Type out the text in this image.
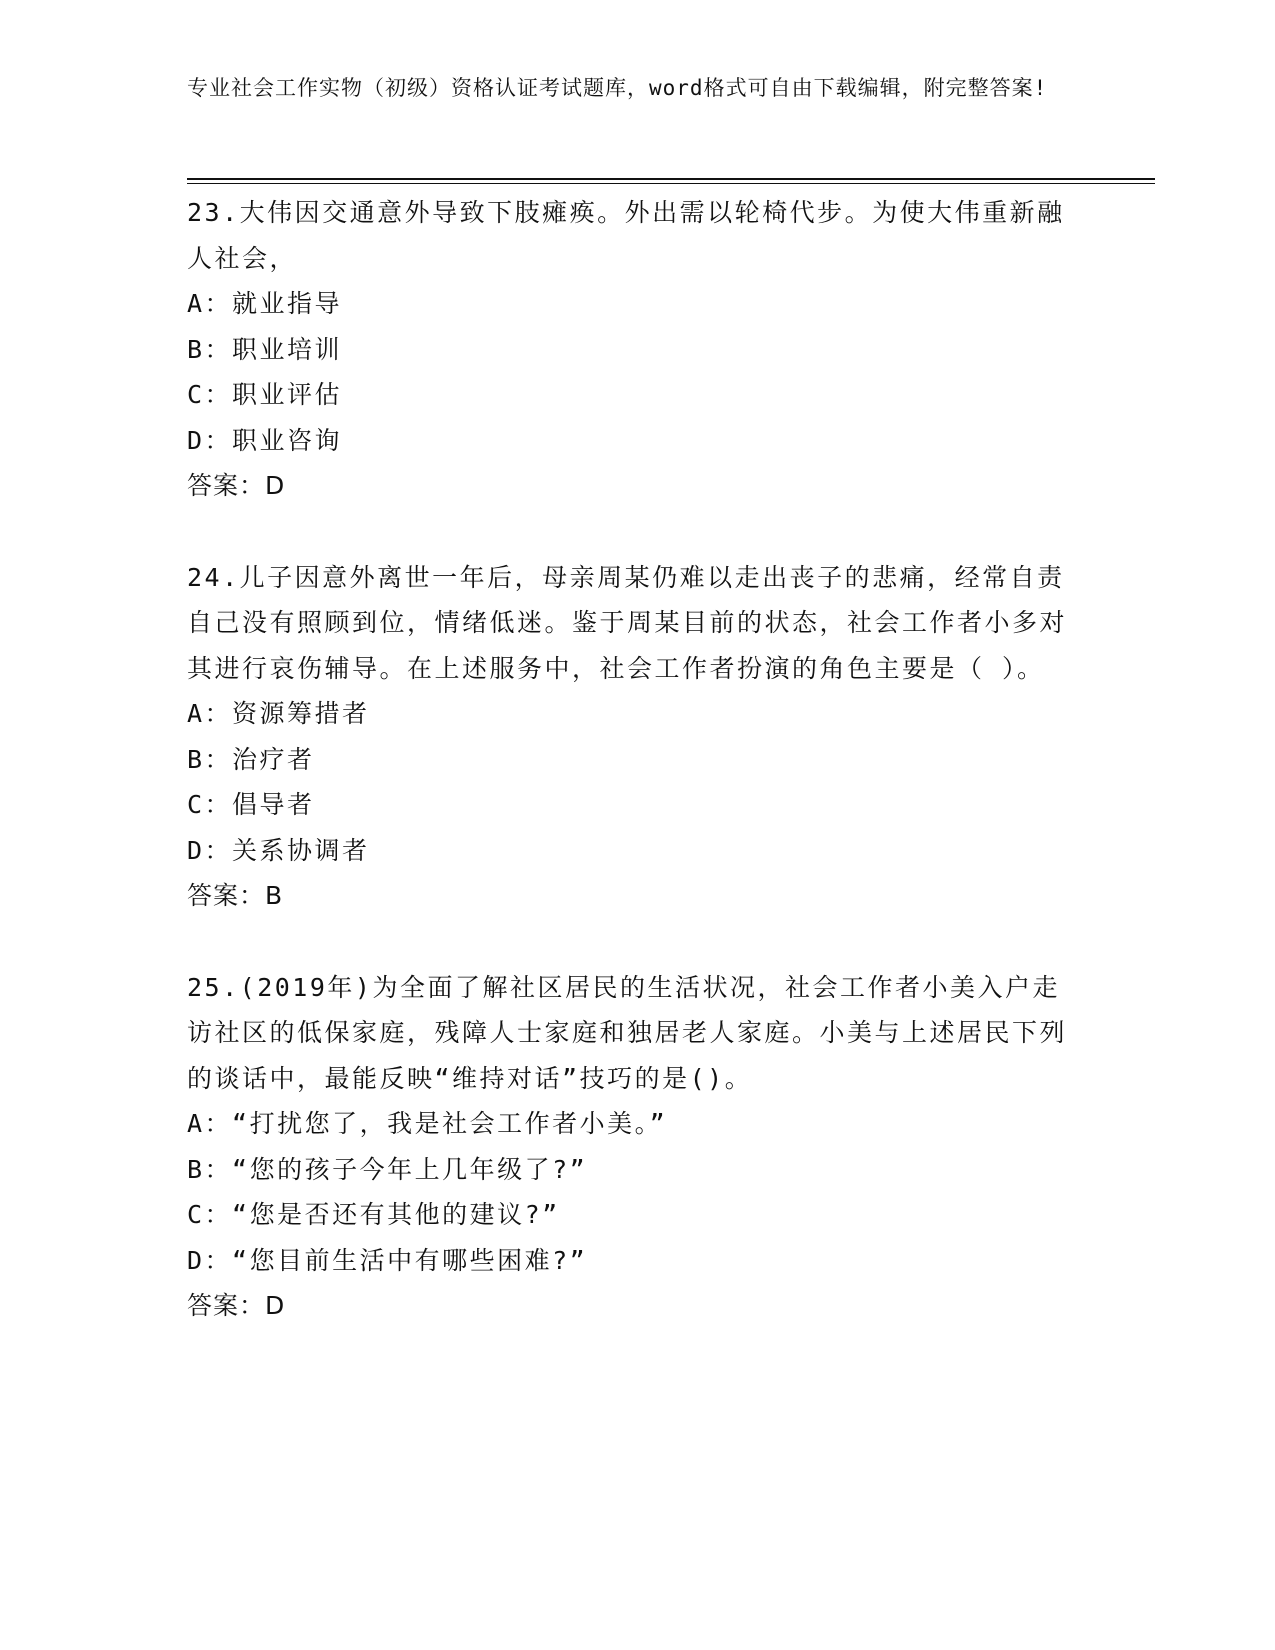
专业社会工作实物（初级）资格认证考试题库，word格式可自由下载编辑，附完整答案!
23.大伟因交通意外导致下肢瘫痪。外出需以轮椅代步。为使大伟重新融人社会，
A：就业指导
B：职业培训
C：职业评估
D：职业咨询
答案：D
24.儿子因意外离世一年后，母亲周某仍难以走出丧子的悲痛，经常自责自己没有照顾到位，情绪低迷。鉴于周某目前的状态，社会工作者小多对其进行哀伤辅导。在上述服务中，社会工作者扮演的角色主要是（ ）。
A：资源筹措者
B：治疗者
C：倡导者
D：关系协调者
答案：B
25.(2019年)为全面了解社区居民的生活状况，社会工作者小美入户走访社区的低保家庭，残障人士家庭和独居老人家庭。小美与上述居民下列的谈话中，最能反映“维持对话”技巧的是()。
A：“打扰您了，我是社会工作者小美。”
B：“您的孩子今年上几年级了?”
C：“您是否还有其他的建议?”
D：“您目前生活中有哪些困难?”
答案：D
